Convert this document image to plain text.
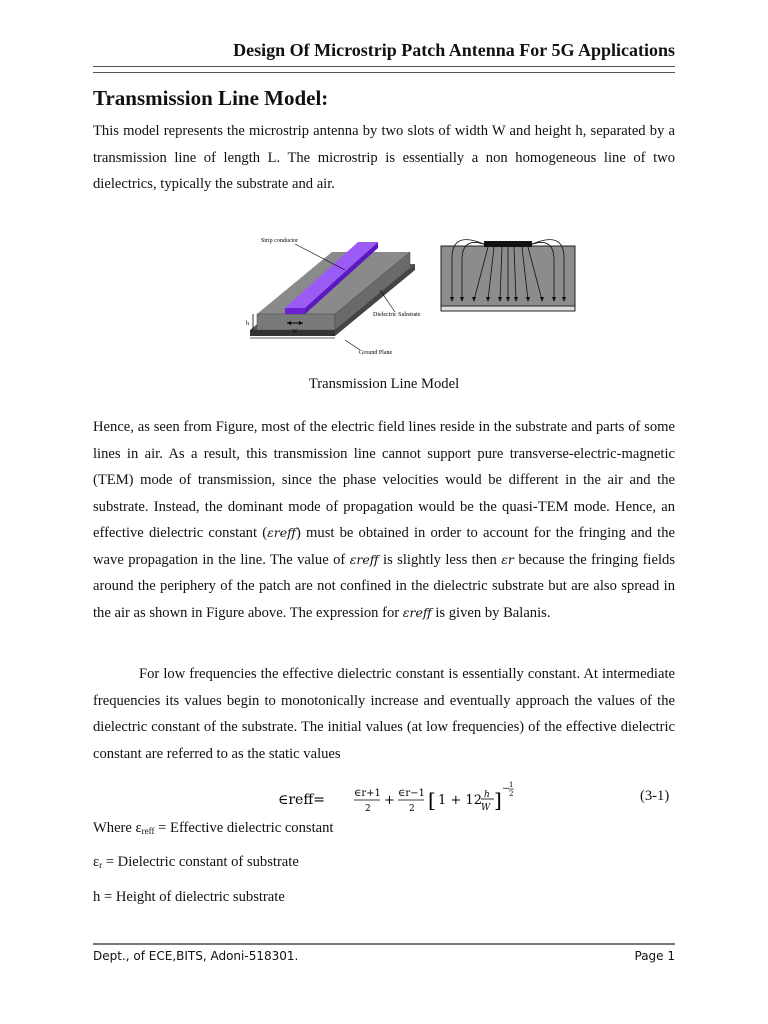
Design Of Microstrip Patch Antenna For 5G Applications
Transmission Line Model:

This model represents the microstrip antenna by two slots of width W and height h, separated by a transmission line of length L. The microstrip is essentially a non homogeneous line of two dielectrics, typically the substrate and air.

Strip conductor
Dielectric Substrate
Ground Plane
h
W
Transmission Line Model

Hence, as seen from Figure, most of the electric field lines reside in the substrate and parts of some lines in air. As a result, this transmission line cannot support pure transverse-electric-magnetic (TEM) mode of transmission, since the phase velocities would be different in the air and the substrate. Instead, the dominant mode of propagation would be the quasi-TEM mode. Hence, an effective dielectric constant (εreff) must be obtained in order to account for the fringing and the wave propagation in the line. The value of εreff is slightly less then εr because the fringing fields around the periphery of the patch are not confined in the dielectric substrate but are also spread in the air as shown in Figure above. The expression for εreff is given by Balanis.

For low frequencies the effective dielectric constant is essentially constant. At intermediate frequencies its values begin to monotonically increase and eventually approach the values of the dielectric constant of the substrate. The initial values (at low frequencies) of the effective dielectric constant are referred to as the static values

∈reff=	∈r+1
2
+ ∈r−1
2 [ 1 + 12 h
W ] − 1
2	(3-1)

Where $\varepsilon_{reff}$ = Effective dielectric constant

$\varepsilon_r$ = Dielectric constant of substrate

h = Height of dielectric substrate

Dept., of ECE,BITS, Adoni-518301.	Page 1
